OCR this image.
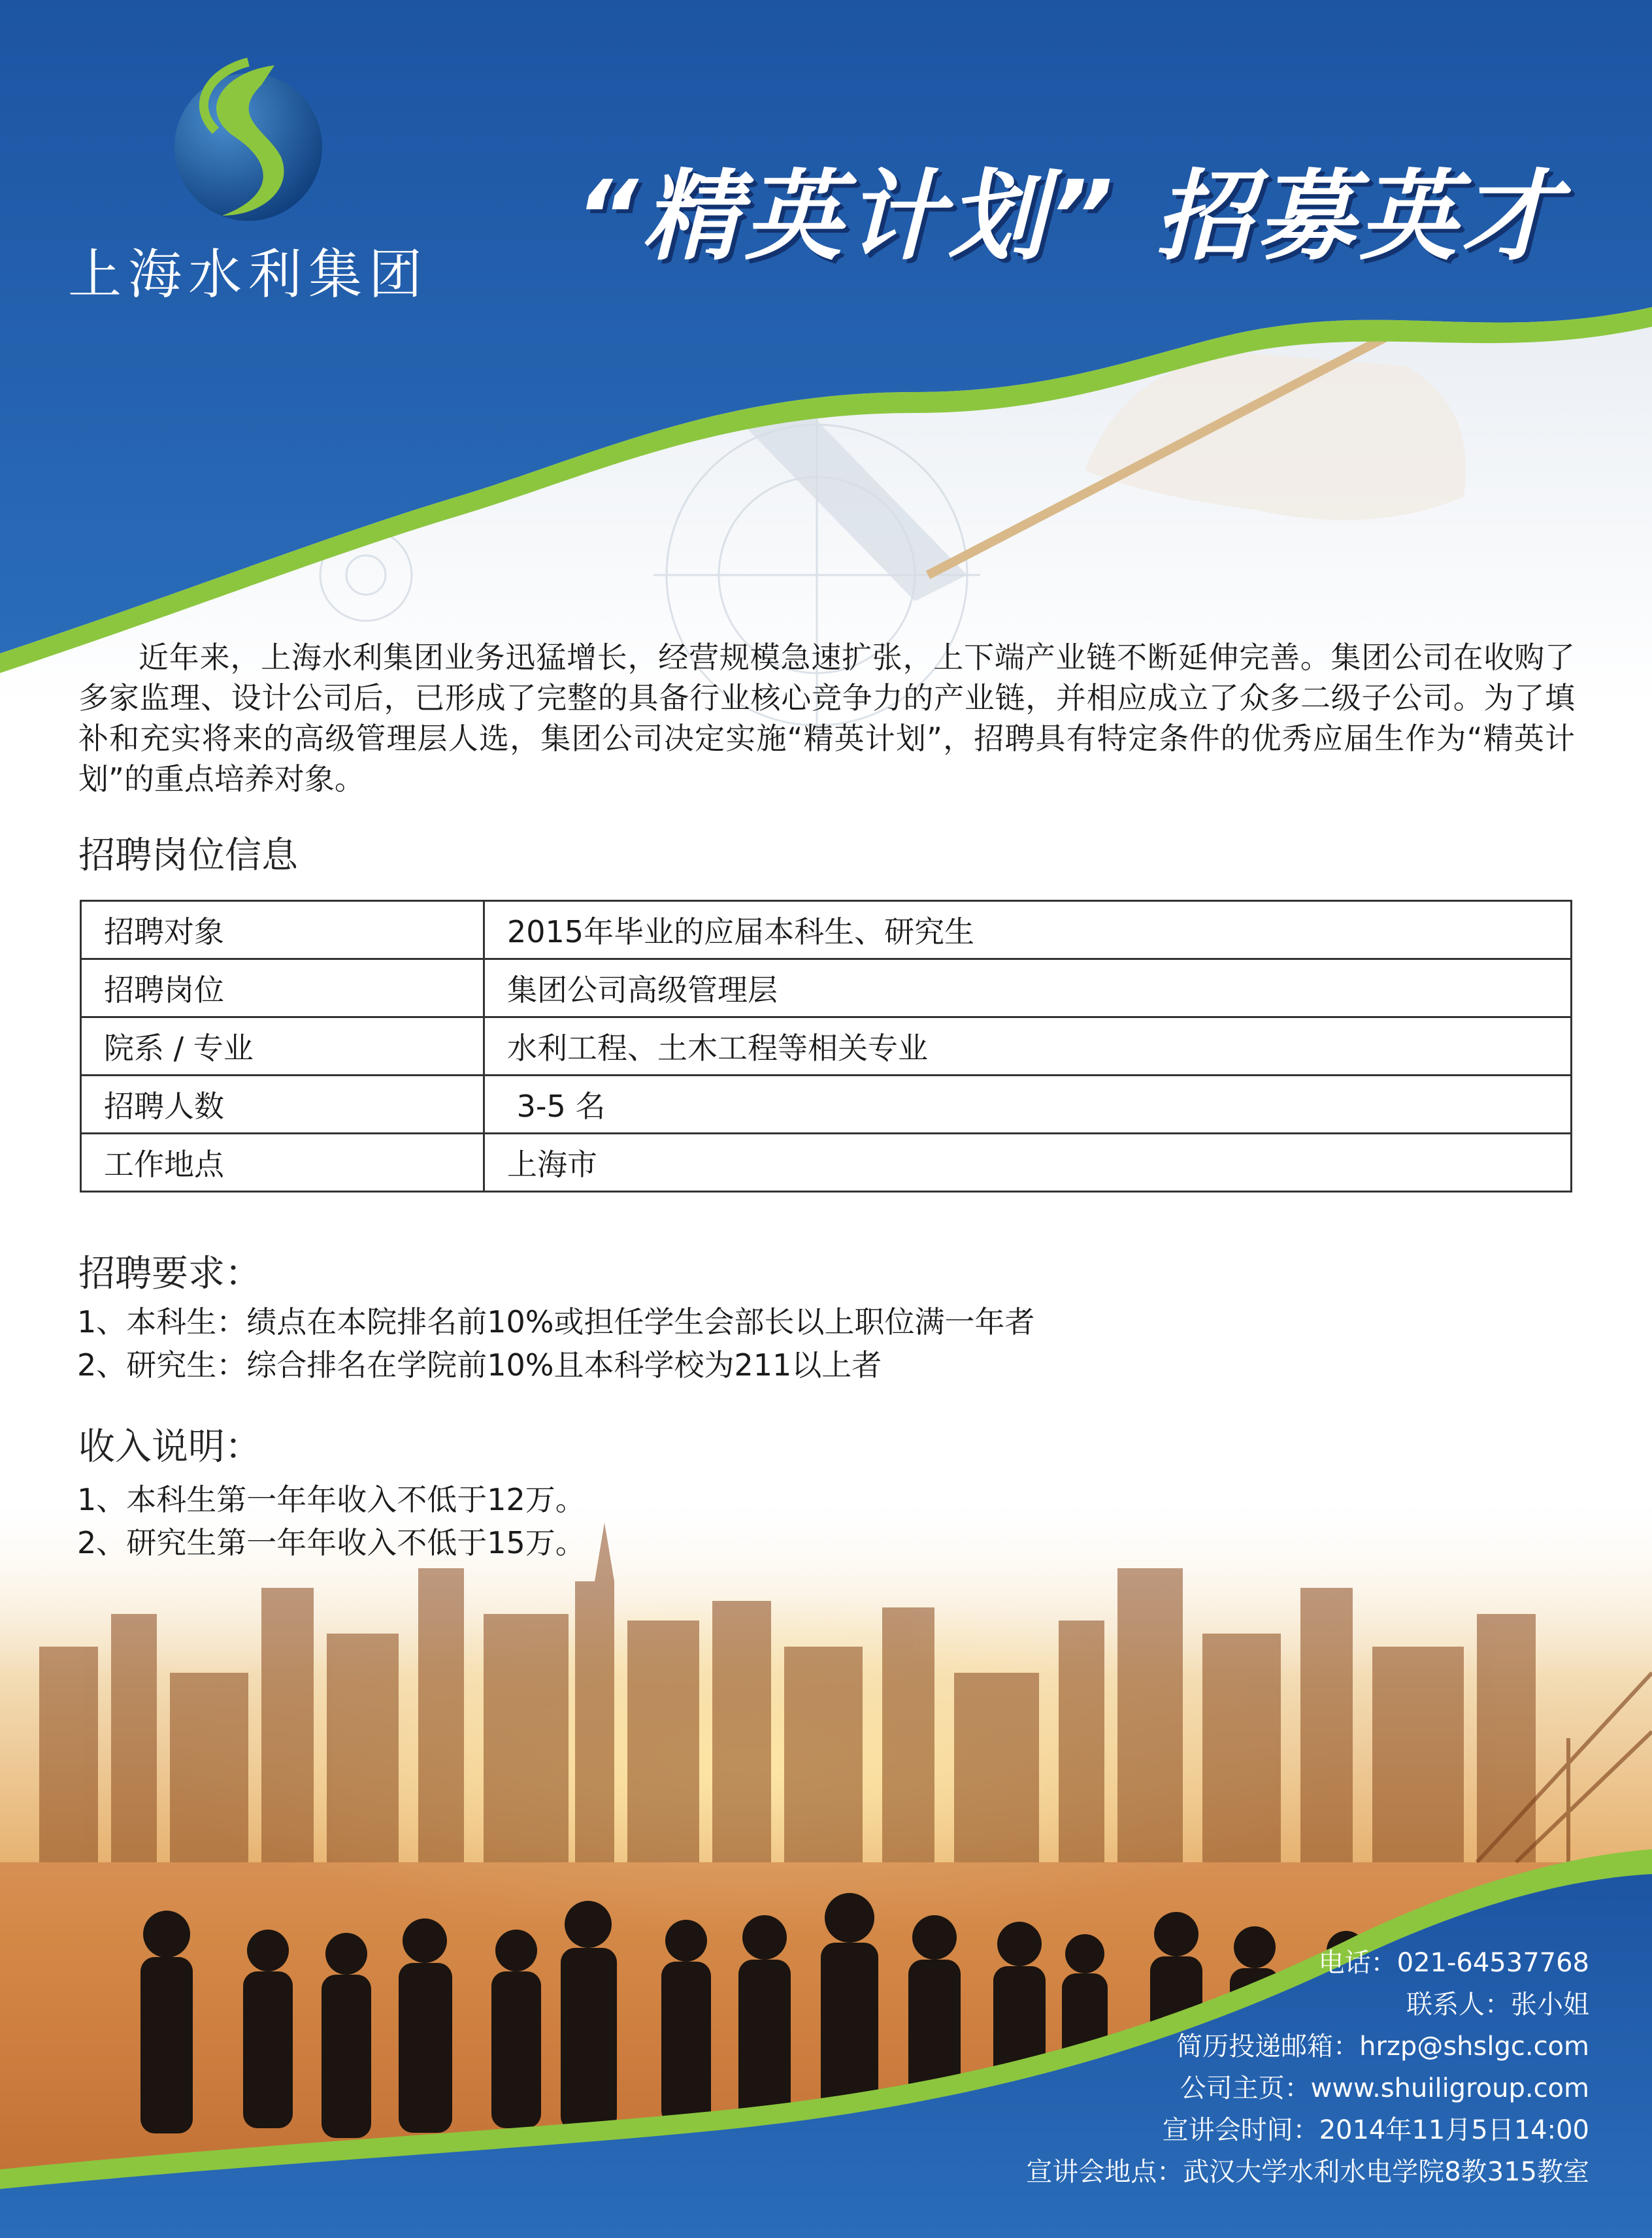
上海水利集团
“精英计划” 招募英才

近年来，上海水利集团业务迅猛增长，经营规模急速扩张，上下端产业链不断延伸完善。集团公司在收购了多家监理、设计公司后，已形成了完整的具备行业核心竞争力的产业链，并相应成立了众多二级子公司。为了填补和充实将来的高级管理层人选，集团公司决定实施“精英计划”，招聘具有特定条件的优秀应届生作为“精英计划”的重点培养对象。

招聘岗位信息
招聘对象	2015年毕业的应届本科生、研究生
招聘岗位	集团公司高级管理层
院系 / 专业	水利工程、土木工程等相关专业
招聘人数	3-5 名
工作地点	上海市
招聘要求：
1、本科生：绩点在本院排名前10%或担任学生会部长以上职位满一年者
2、研究生：综合排名在学院前10%且本科学校为211以上者
收入说明：
1、本科生第一年年收入不低于12万。
2、研究生第一年年收入不低于15万。
电话：021-64537768
联系人：张小姐
简历投递邮箱：hrzp@shslgc.com
公司主页：www.shuiligroup.com
宣讲会时间：2014年11月5日14:00
宣讲会地点：武汉大学水利水电学院8教315教室
